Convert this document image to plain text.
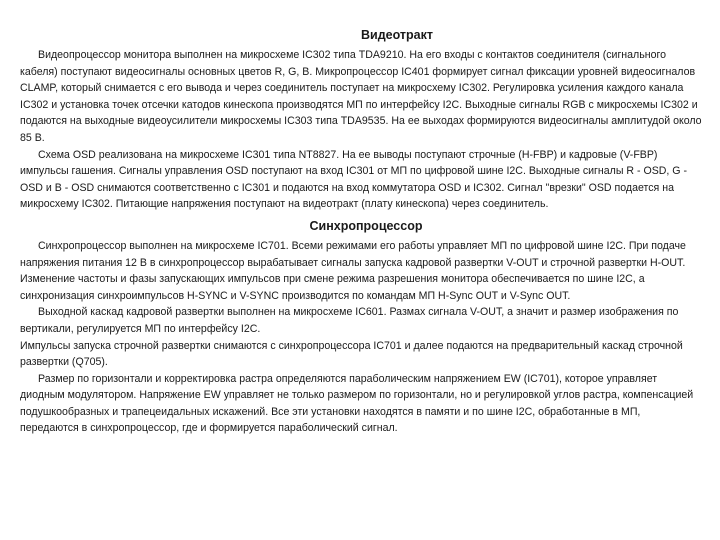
Видеотракт

Видеопроцессор монитора выполнен на микросхеме IC302 типа TDA9210. На его входы с контактов соединителя (сигнального кабеля) поступают видеосигналы основных цветов R, G, B. Микропроцессор IC401 формирует сигнал фиксации уровней видеосигналов CLAMP, который снимается с его вывода и через соединитель поступает на микросхему IC302. Регулировка усиления каждого канала IC302 и установка точек отсечки катодов кинескопа производятся МП по интерфейсу I2C. Выходные сигналы RGB с микросхемы IC302 и подаются на выходные видеоусилители микросхемы IC303 типа TDA9535. На ее выходах формируются видеосигналы амплитудой около 85 В.

Схема OSD реализована на микросхеме IC301 типа NT8827. На ее выводы поступают строчные (H-FBP) и кадровые (V-FBP) импульсы гашения. Сигналы управления OSD поступают на вход IC301 от МП по цифровой шине I2C. Выходные сигналы R - OSD, G - OSD и B - OSD снимаются соответственно с IC301 и подаются на вход коммутатора OSD и IC302. Сигнал "врезки" OSD подается на микросхему IC302. Питающие напряжения поступают на видеотракт (плату кинескопа) через соединитель.

Синхропроцессор

Синхропроцессор выполнен на микросхеме IC701. Всеми режимами его работы управляет МП по цифровой шине I2C. При подаче напряжения питания 12 В в синхропроцессор вырабатывает сигналы запуска кадровой развертки V-OUT и строчной развертки H-OUT. Изменение частоты и фазы запускающих импульсов при смене режима разрешения монитора обеспечивается по шине I2C, а синхронизация синхроимпульсов H-SYNC и V-SYNC производится по командам МП H-Sync OUT и V-Sync OUT.

Выходной каскад кадровой развертки выполнен на микросхеме IC601. Размах сигнала V-OUT, а значит и размер изображения по вертикали, регулируется МП по интерфейсу I2C.

Импульсы запуска строчной развертки снимаются с синхропроцессора IC701 и далее подаются на предварительный каскад строчной развертки (Q705).

Размер по горизонтали и корректировка растра определяются параболическим напряжением EW (IC701), которое управляет диодным модулятором. Напряжение EW управляет не только размером по горизонтали, но и регулировкой углов растра, компенсацией подушкообразных и трапецеидальных искажений. Все эти установки находятся в памяти и по шине I2C, обработанные в МП, передаются в синхропроцессор, где и формируется параболический сигнал.
